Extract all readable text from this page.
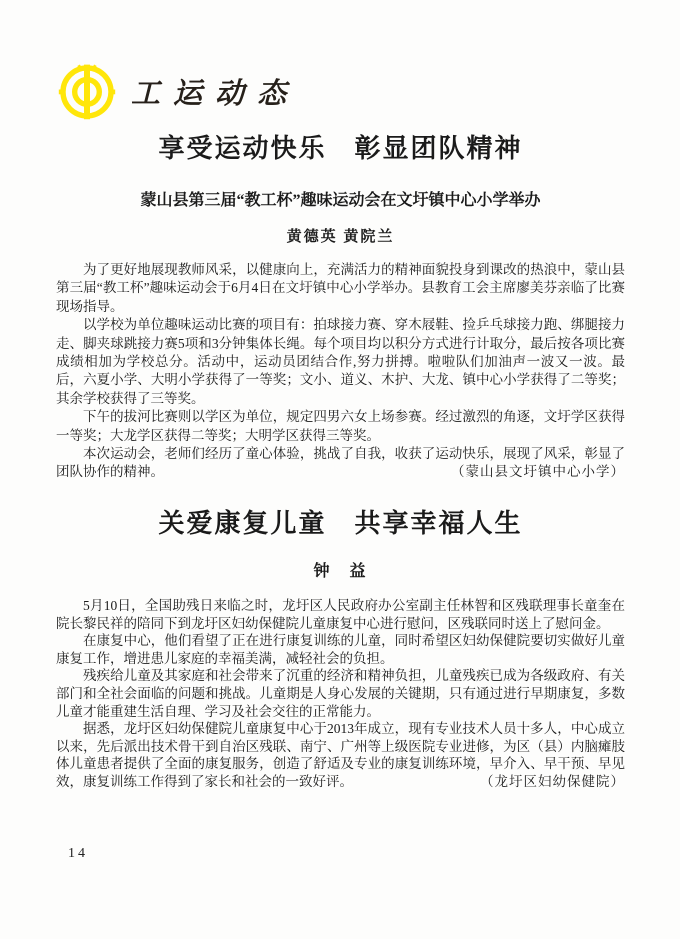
工运动态
享受运动快乐　彰显团队精神
蒙山县第三届“教工杯”趣味运动会在文圩镇中心小学举办
黄德英 黄院兰

为了更好地展现教师风采，以健康向上，充满活力的精神面貌投身到课改的热浪中，蒙山县第三届“教工杯”趣味运动会于6月4日在文圩镇中心小学举办。县教育工会主席廖美芬亲临了比赛现场指导。

以学校为单位趣味运动比赛的项目有：拍球接力赛、穿木屐鞋、捡乒乓球接力跑、绑腿接力走、脚夹球跳接力赛5项和3分钟集体长绳。每个项目均以积分方式进行计取分，最后按各项比赛成绩相加为学校总分。活动中，运动员团结合作,努力拼搏。啦啦队们加油声一波又一波。最后，六夏小学、大明小学获得了一等奖；文小、道义、木护、大龙、镇中心小学获得了二等奖；其余学校获得了三等奖。

下午的拔河比赛则以学区为单位，规定四男六女上场参赛。经过激烈的角逐，文圩学区获得一等奖；大龙学区获得二等奖；大明学区获得三等奖。

本次运动会，老师们经历了童心体验，挑战了自我，收获了运动快乐，展现了风采，彰显了团队协作的精神。	（蒙山县文圩镇中心小学）

关爱康复儿童　共享幸福人生
钟　益

5月10日，全国助残日来临之时，龙圩区人民政府办公室副主任林智和区残联理事长童奎在院长黎民祥的陪同下到龙圩区妇幼保健院儿童康复中心进行慰问，区残联同时送上了慰问金。

在康复中心，他们看望了正在进行康复训练的儿童，同时希望区妇幼保健院要切实做好儿童康复工作，增进患儿家庭的幸福美满，减轻社会的负担。

残疾给儿童及其家庭和社会带来了沉重的经济和精神负担，儿童残疾已成为各级政府、有关部门和全社会面临的问题和挑战。儿童期是人身心发展的关键期，只有通过进行早期康复，多数儿童才能重建生活自理、学习及社会交往的正常能力。

据悉，龙圩区妇幼保健院儿童康复中心于2013年成立，现有专业技术人员十多人，中心成立以来，先后派出技术骨干到自治区残联、南宁、广州等上级医院专业进修，为区（县）内脑瘫肢体儿童患者提供了全面的康复服务，创造了舒适及专业的康复训练环境，早介入、早干预、早见效，康复训练工作得到了家长和社会的一致好评。	（龙圩区妇幼保健院）

14
